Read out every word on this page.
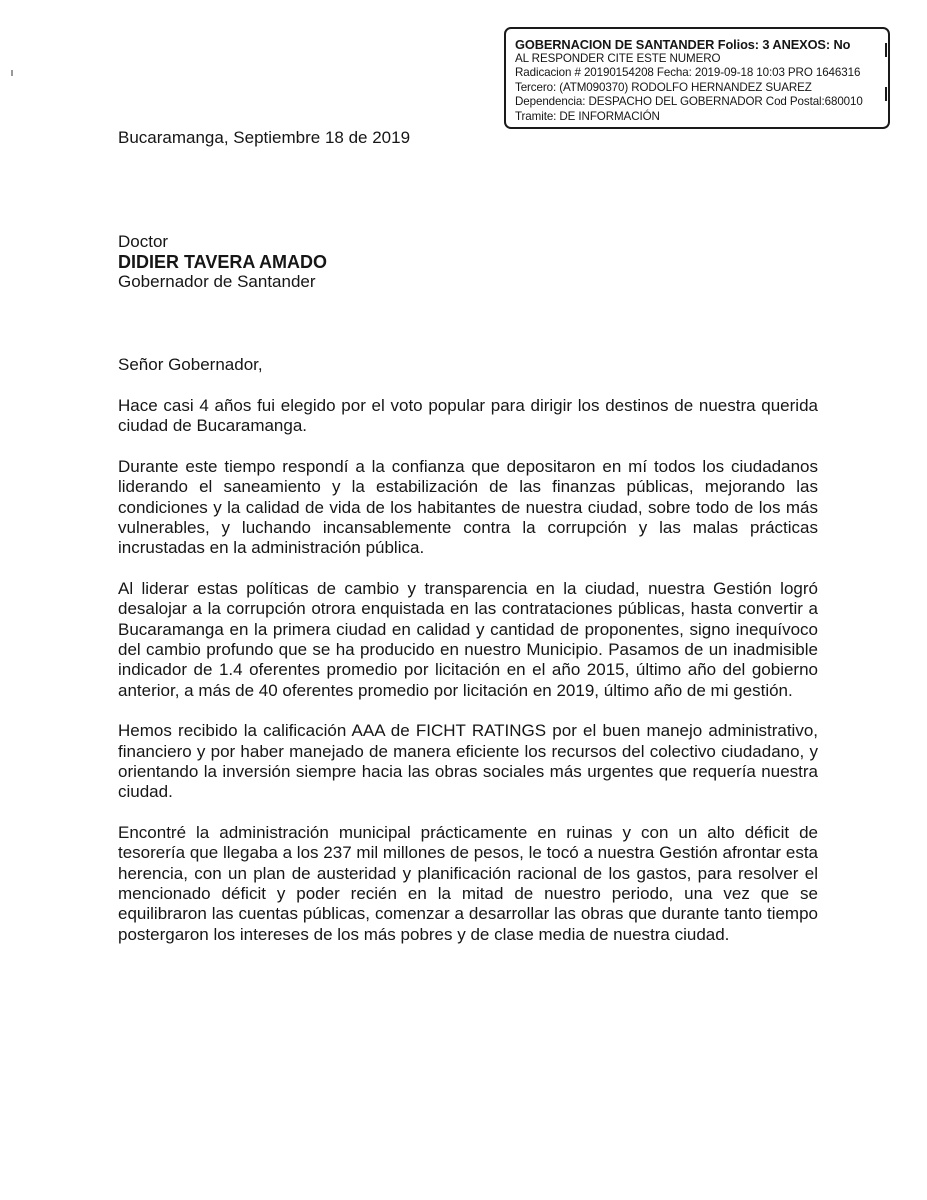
GOBERNACION DE SANTANDER Folios: 3 ANEXOS: No
AL RESPONDER CITE ESTE NUMERO
Radicacion # 20190154208 Fecha: 2019-09-18 10:03 PRO 1646316
Tercero: (ATM090370) RODOLFO HERNANDEZ SUAREZ
Dependencia: DESPACHO DEL GOBERNADOR Cod Postal:680010
Tramite: DE INFORMACIÓN
Bucaramanga, Septiembre 18 de 2019
Doctor
DIDIER TAVERA AMADO
Gobernador de Santander
Señor Gobernador,

Hace casi 4 años fui elegido por el voto popular para dirigir los destinos de nuestra querida ciudad de Bucaramanga.

Durante este tiempo respondí a la confianza que depositaron en mí todos los ciudadanos liderando el saneamiento y la estabilización de las finanzas públicas, mejorando las condiciones y la calidad de vida de los habitantes de nuestra ciudad, sobre todo de los más vulnerables, y luchando incansablemente contra la corrupción y las malas prácticas incrustadas en la administración pública.

Al liderar estas políticas de cambio y transparencia en la ciudad, nuestra Gestión logró desalojar a la corrupción otrora enquistada en las contrataciones públicas, hasta convertir a Bucaramanga en la primera ciudad en calidad y cantidad de proponentes, signo inequívoco del cambio profundo que se ha producido en nuestro Municipio. Pasamos de un inadmisible indicador de 1.4 oferentes promedio por licitación en el año 2015, último año del gobierno anterior, a más de 40 oferentes promedio por licitación en 2019, último año de mi gestión.

Hemos recibido la calificación AAA de FICHT RATINGS por el buen manejo administrativo, financiero y por haber manejado de manera eficiente los recursos del colectivo ciudadano, y orientando la inversión siempre hacia las obras sociales más urgentes que requería nuestra ciudad.

Encontré la administración municipal prácticamente en ruinas y con un alto déficit de tesorería que llegaba a los 237 mil millones de pesos, le tocó a nuestra Gestión afrontar esta herencia, con un plan de austeridad y planificación racional de los gastos, para resolver el mencionado déficit y poder recién en la mitad de nuestro periodo, una vez que se equilibraron las cuentas públicas, comenzar a desarrollar las obras que durante tanto tiempo postergaron los intereses de los más pobres y de clase media de nuestra ciudad.
